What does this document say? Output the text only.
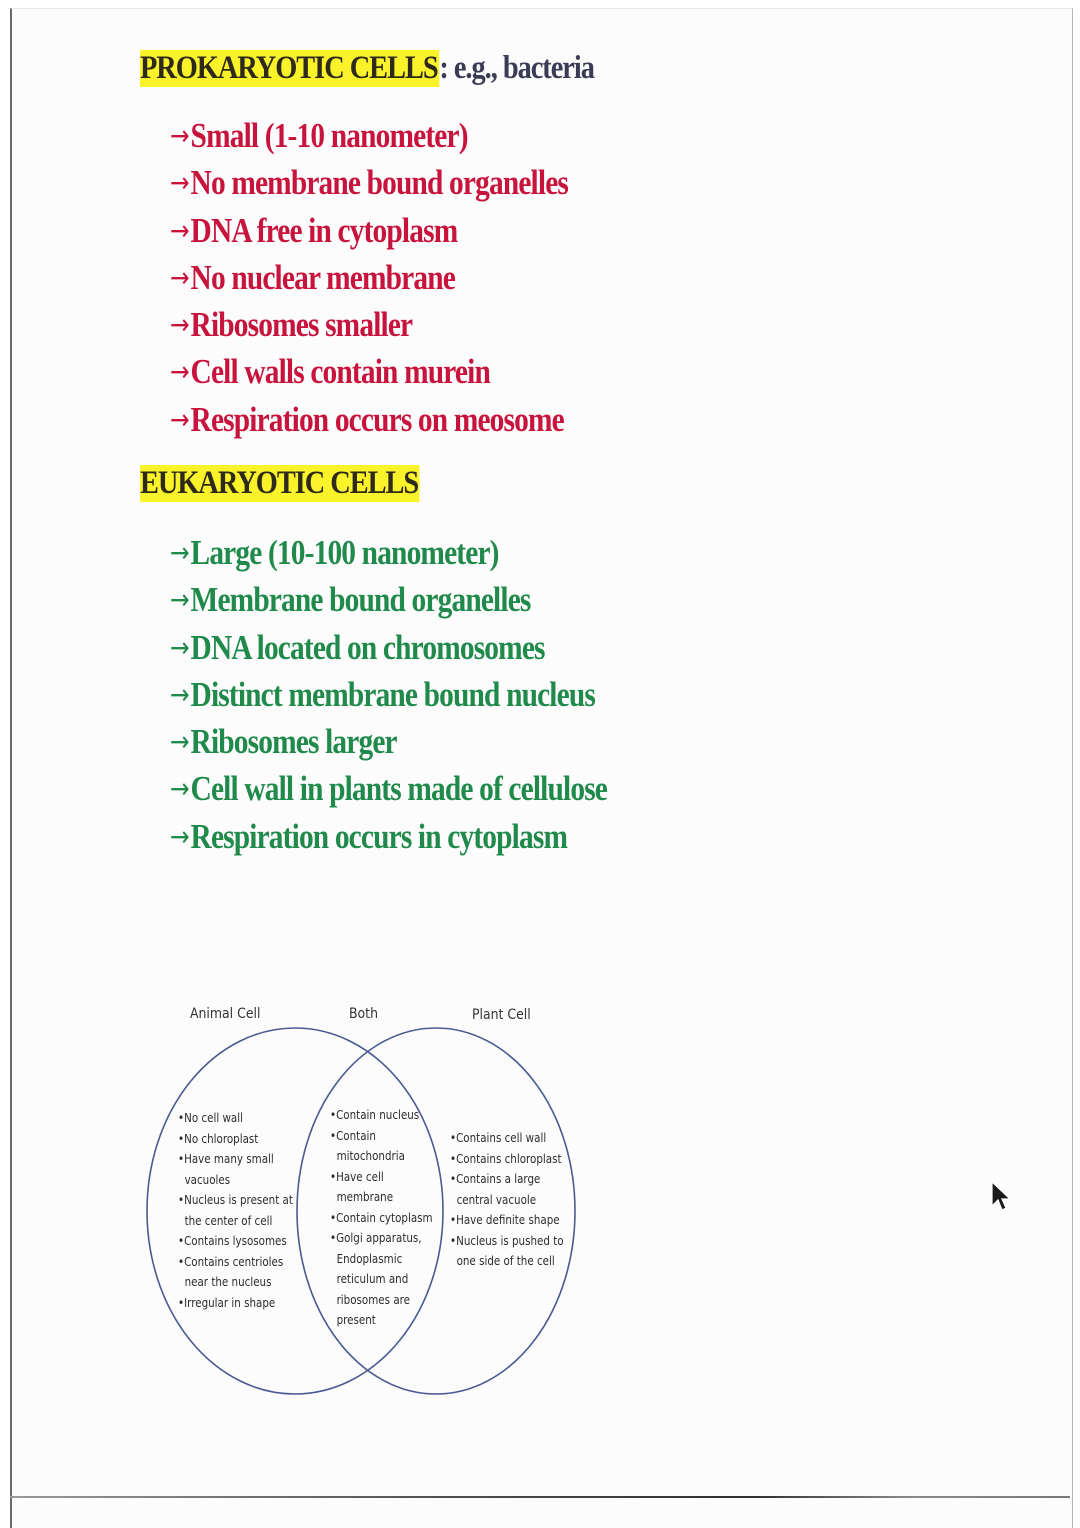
PROKARYOTIC CELLS: e.g., bacteria
→Small (1-10 nanometer)
→No membrane bound organelles
→DNA free in cytoplasm
→No nuclear membrane
→Ribosomes smaller
→Cell walls contain murein
→Respiration occurs on meosome
EUKARYOTIC CELLS
→Large (10-100 nanometer)
→Membrane bound organelles
→DNA located on chromosomes
→Distinct membrane bound nucleus
→Ribosomes larger
→Cell wall in plants made of cellulose
→Respiration occurs in cytoplasm
Animal Cell	Both	Plant Cell
•No cell wall
•No chloroplast
•Have many small
vacuoles
•Nucleus is present at
the center of cell
•Contains lysosomes
•Contains centrioles
near the nucleus
•Irregular in shape
•Contain nucleus
•Contain
mitochondria
•Have cell
membrane
•Contain cytoplasm
•Golgi apparatus,
Endoplasmic
reticulum and
ribosomes are
present
•Contains cell wall
•Contains chloroplast
•Contains a large
central vacuole
•Have definite shape
•Nucleus is pushed to
one side of the cell
